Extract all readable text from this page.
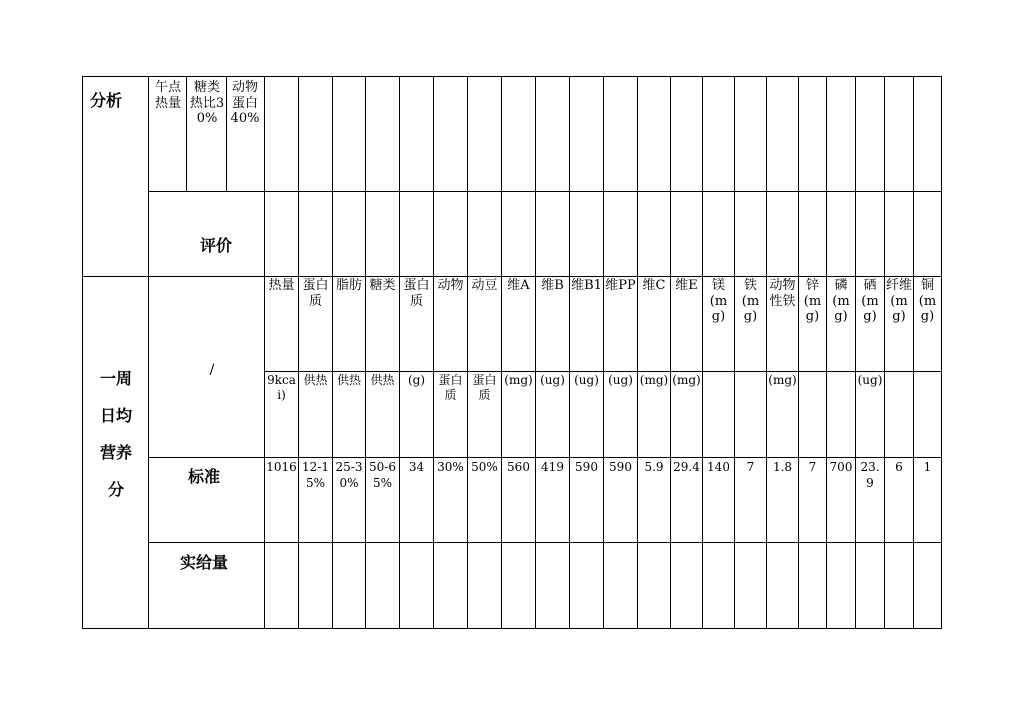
分析
午点热量
糖类热比30%
动物蛋白40%
评价
一周日均营养分
/
标准
实给量
热量
9kcai)
1016
蛋白质
供热
12-15%
脂肪
供热
25-30%
糖类
供热
50-65%
蛋白质
(g)
34
动物
蛋白质
30%
动豆
蛋白质
50%
维A
(mg)
560
维B
(ug)
419
维B1
(ug)
590
维PP
(ug)
590
维C
(mg)
5.9
维E
(mg)
29.4
镁(mg)
140
铁(mg)
7
动物性铁
(mg)
1.8
锌(mg)
7
磷(mg)
700
硒(mg)
(ug)
23.9
纤维(mg)
6
铜(mg)
1
